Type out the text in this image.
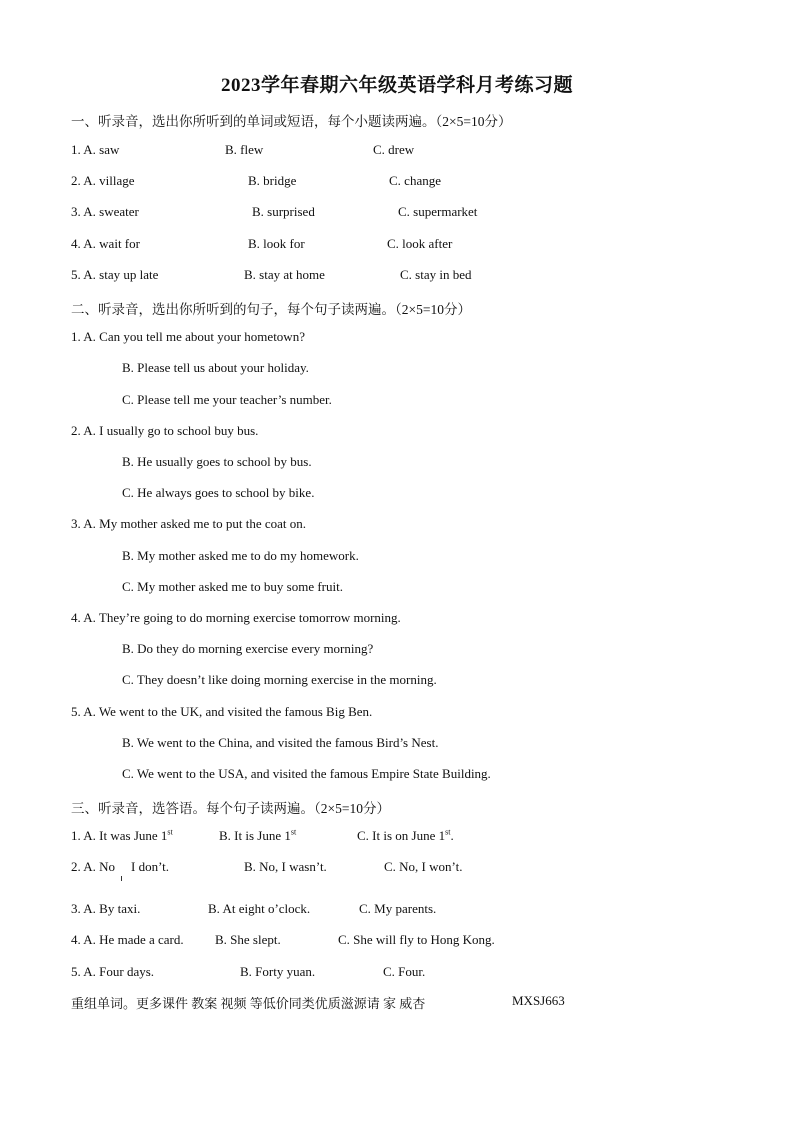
2023学年春期六年级英语学科月考练习题
一、听录音，选出你所听到的单词或短语，每个小题读两遍。（2×5=10分）
1. A. saw	B. flew	C. drew
2. A. village	B. bridge	C. change
3. A. sweater	B. surprised	C. supermarket
4. A. wait for	B. look for	C. look after
5. A. stay up late	B. stay at home	C. stay in bed
二、听录音，选出你所听到的句子，每个句子读两遍。（2×5=10分）
1. A. Can you tell me about your hometown?
B. Please tell us about your holiday.
C. Please tell me your teacher’s number.
2. A. I usually go to school buy bus.
B. He usually goes to school by bus.
C. He always goes to school by bike.
3. A. My mother asked me to put the coat on.
B. My mother asked me to do my homework.
C. My mother asked me to buy some fruit.
4. A. They’re going to do morning exercise tomorrow morning.
B. Do they do morning exercise every morning?
C. They doesn’t like doing morning exercise in the morning.
5. A. We went to the UK, and visited the famous Big Ben.
B. We went to the China, and visited the famous Bird’s Nest.
C. We went to the USA, and visited the famous Empire State Building.
三、听录音，选答语。每个句子读两遍。（2×5=10分）
1. A. It was June 1st	B. It is June 1st	C. It is on June 1st.
2. A. No I don’t.	B. No, I wasn’t.	C. No, I won’t.
3. A. By taxi.	B. At eight o’clock.	C. My parents.
4. A. He made a card. B. She slept.	C. She will fly to Hong Kong.
5. A. Four days.	B. Forty yuan.	C. Four.
重组单词。更多课件 教案 视频 等低价同类优质滋源请 家 威杏	MXSJ663
